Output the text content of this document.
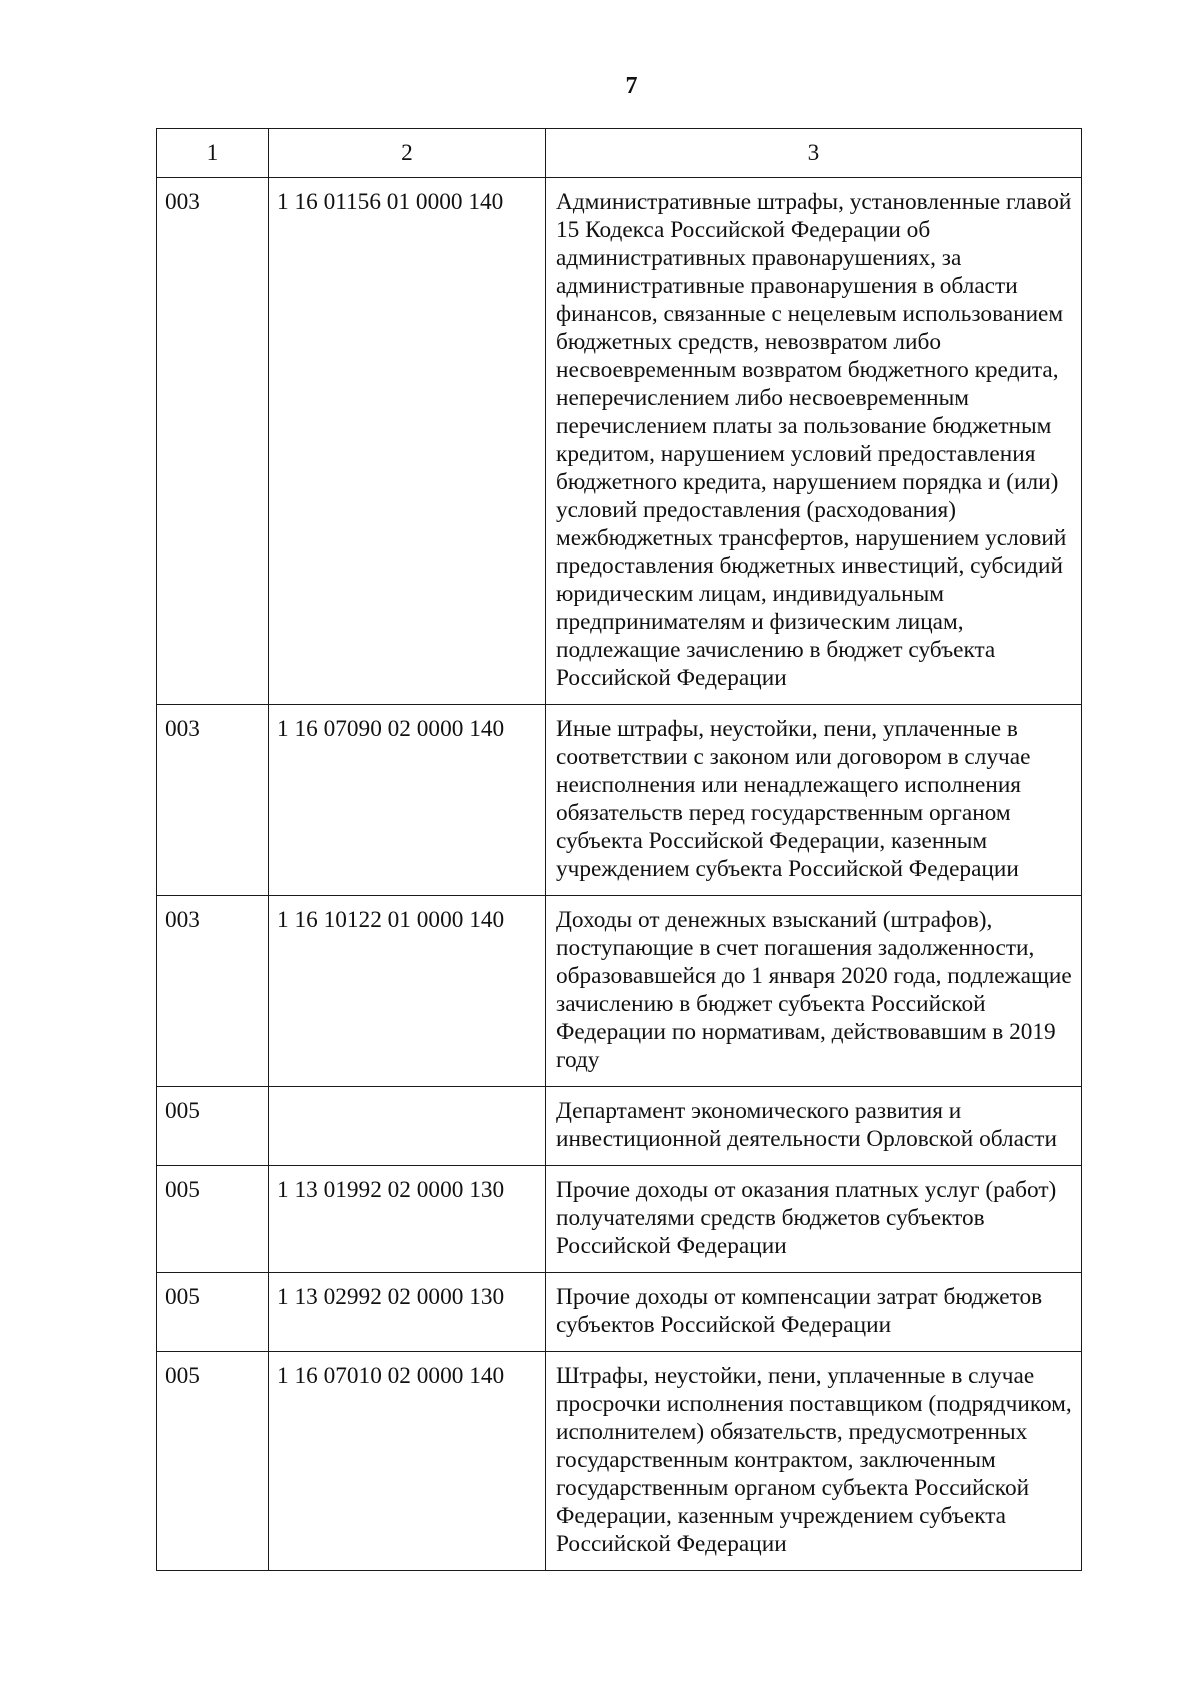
7
1	2	3
003	1 16 01156 01 0000 140	Административные штрафы, установленные главой 15 Кодекса Российской Федерации об административных правонарушениях, за административные правонарушения в области финансов, связанные с нецелевым использованием бюджетных средств, невозвратом либо несвоевременным возвратом бюджетного кредита, неперечислением либо несвоевременным перечислением платы за пользование бюджетным кредитом, нарушением условий предоставления бюджетного кредита, нарушением порядка и (или) условий предоставления (расходования) межбюджетных трансфертов, нарушением условий предоставления бюджетных инвестиций, субсидий юридическим лицам, индивидуальным предпринимателям и физическим лицам, подлежащие зачислению в бюджет субъекта Российской Федерации
003	1 16 07090 02 0000 140	Иные штрафы, неустойки, пени, уплаченные в соответствии с законом или договором в случае неисполнения или ненадлежащего исполнения обязательств перед государственным органом субъекта Российской Федерации, казенным учреждением субъекта Российской Федерации
003	1 16 10122 01 0000 140	Доходы от денежных взысканий (штрафов), поступающие в счет погашения задолженности, образовавшейся до 1 января 2020 года, подлежащие зачислению в бюджет субъекта Российской Федерации по нормативам, действовавшим в 2019 году
005		Департамент экономического развития и инвестиционной деятельности Орловской области
005	1 13 01992 02 0000 130	Прочие доходы от оказания платных услуг (работ) получателями средств бюджетов субъектов Российской Федерации
005	1 13 02992 02 0000 130	Прочие доходы от компенсации затрат бюджетов субъектов Российской Федерации
005	1 16 07010 02 0000 140	Штрафы, неустойки, пени, уплаченные в случае просрочки исполнения поставщиком (подрядчиком, исполнителем) обязательств, предусмотренных государственным контрактом, заключенным государственным органом субъекта Российской Федерации, казенным учреждением субъекта Российской Федерации
